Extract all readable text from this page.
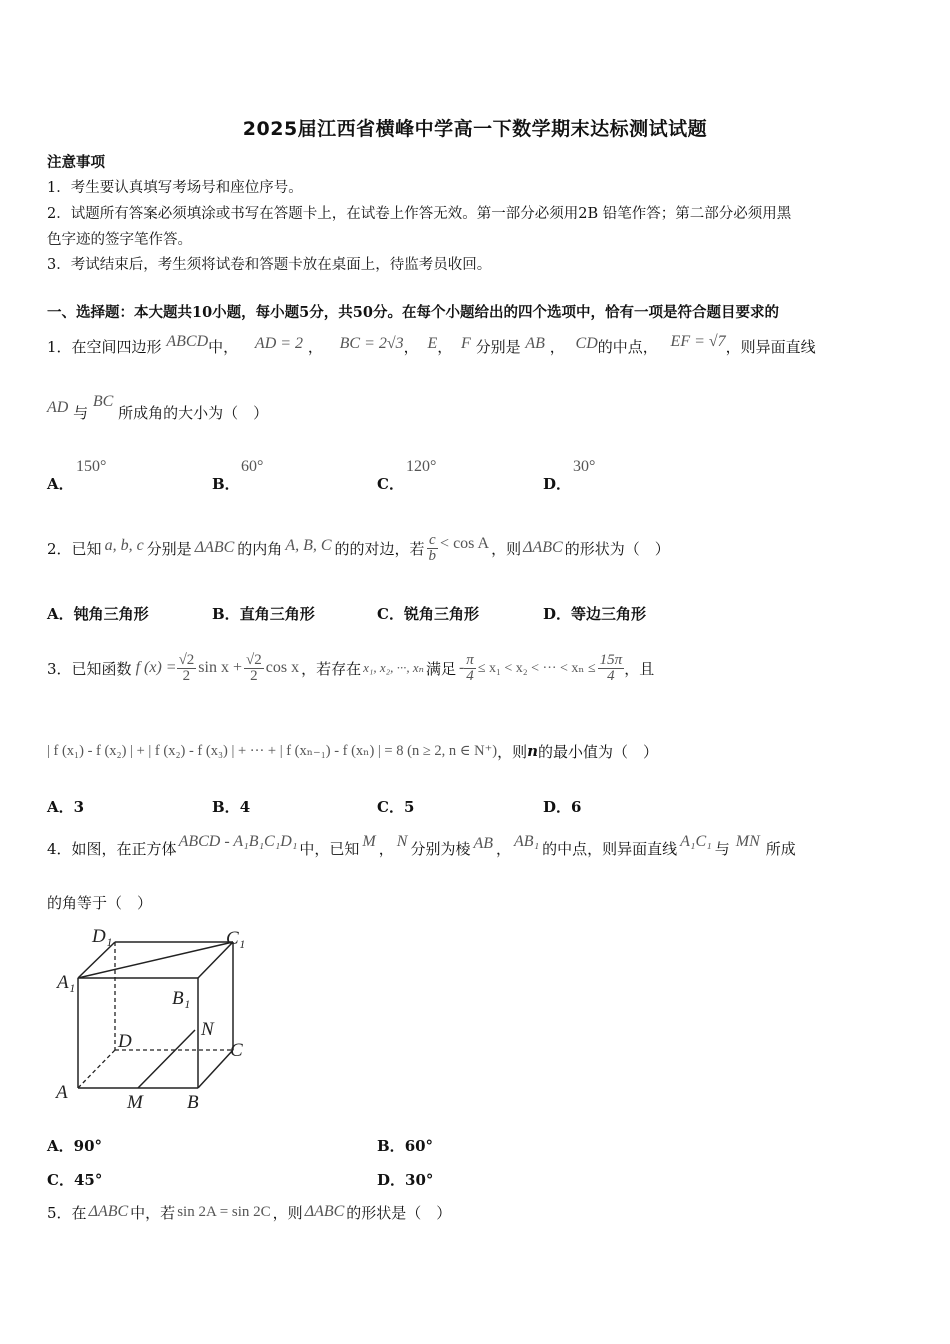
2025届江西省横峰中学高一下数学期末达标测试试题
注意事项
1．考生要认真填写考场号和座位序号。
2．试题所有答案必须填涂或书写在答题卡上，在试卷上作答无效。第一部分必须用2B 铅笔作答；第二部分必须用黑
色字迹的签字笔作答。
3．考试结束后，考生须将试卷和答题卡放在桌面上，待监考员收回。
一、选择题：本大题共10小题，每小题5分，共50分。在每个小题给出的四个选项中，恰有一项是符合题目要求的
1．在空间四边形 ABCD中， AD = 2 ， BC = 2√3， E， F 分别是 AB ， CD的中点， EF = √7，则异面直线
AD 与 BC 所成角的大小为（　）
A．
150°
B．
60°
C．
120°
D．
30°
2． 已知 a, b, c 分别是 ΔABC 的内角 A, B, C 的的对边，若 $\frac{c}{b} < \cos A$ ，则 ΔABC 的形状为（　）
A．钝角三角形	B．直角三角形	C．锐角三角形	D．等边三角形
3． 已知函数 f $(x) = \frac{√2}{2}$ $\sin x + \frac{√2}{2}$ cos x ，若存在 x₁, x₂, ···, xₙ 满足 - $\frac{\pi}{4} \le x_1 < x_2$ < ··· < $x_n \le \frac{15\pi}{4}$ ，且
| f (x₁) - f (x₂) | + | f (x₂) - f (x₃) | + ··· + | f (xₙ₋₁) - f (xₙ) | = 8 (n ≥ 2, n ∈ N⁺) ，则 n 的最小值为（　）
A．3	B．4	C．5	D．6
4． 如图，在正方体 ABCD - A₁B₁C₁D₁ 中，已知 M ， N 分别为棱 AB ， AB₁ 的中点，则异面直线 A₁C₁ 与 MN 所成
的角等于（　）
D₁	C₁
A₁
B₁
N
D	C
A	M B
A．90°	B．60°
C．45°	D．30°
5． 在 ΔABC 中，若 sin 2A = sin 2C ，则 ΔABC 的形状是（　）
